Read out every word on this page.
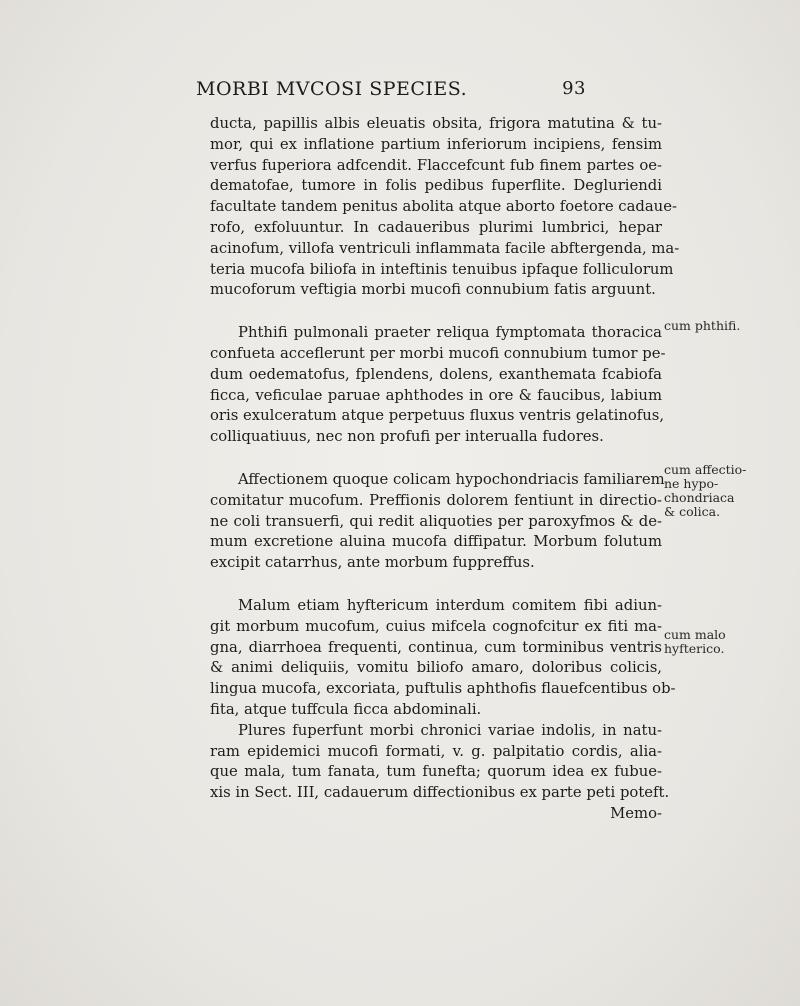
MORBI MVCOSI SPECIES.	93

ducta, papillis albis eleuatis obsita, frigora matutina & tu-
mor, qui ex inflatione partium inferiorum incipiens, fensim
verfus fuperiora adfcendit. Flaccefcunt fub finem partes oe-
dematofae, tumore in folis pedibus fuperflite. Degluriendi
facultate tandem penitus abolita atque aborto foetore cadaue-
rofo, exfoluuntur. In cadaueribus plurimi lumbrici, hepar
acinofum, villofa ventriculi inflammata facile abftergenda, ma-
teria mucofa biliofa in inteftinis tenuibus ipfaque folliculorum
mucoforum veftigia morbi mucofi connubium fatis arguunt.

Phthifi pulmonali praeter reliqua fymptomata thoracica
confueta acceflerunt per morbi mucofi connubium tumor pe-
dum oedematofus, fplendens, dolens, exanthemata fcabiofa
ficca, veficulae paruae aphthodes in ore & faucibus, labium
oris exulceratum atque perpetuus fluxus ventris gelatinofus,
colliquatiuus, nec non profufi per interualla fudores.

Affectionem quoque colicam hypochondriacis familiarem
comitatur mucofum. Preffionis dolorem fentiunt in directio-
ne coli transuerfi, qui redit aliquoties per paroxyfmos & de-
mum excretione aluina mucofa diffipatur. Morbum folutum
excipit catarrhus, ante morbum fuppreffus.

Malum etiam hyftericum interdum comitem fibi adiun-
git morbum mucofum, cuius mifcela cognofcitur ex fiti ma-
gna, diarrhoea frequenti, continua, cum torminibus ventris
& animi deliquiis, vomitu biliofo amaro, doloribus colicis,
lingua mucofa, excoriata, puftulis aphthofis flauefcentibus ob-
fita, atque tuffcula ficca abdominali.
Plures fuperfunt morbi chronici variae indolis, in natu-
ram epidemici mucofi formati, v. g. palpitatio cordis, alia-
que mala, tum fanata, tum funefta; quorum idea ex fubue-
xis in Sect. III, cadauerum diffectionibus ex parte peti poteft.
Memo-

cum phthifi.
cum affectio-
ne hypo-
chondriaca
& colica.
cum malo
hyfterico.
